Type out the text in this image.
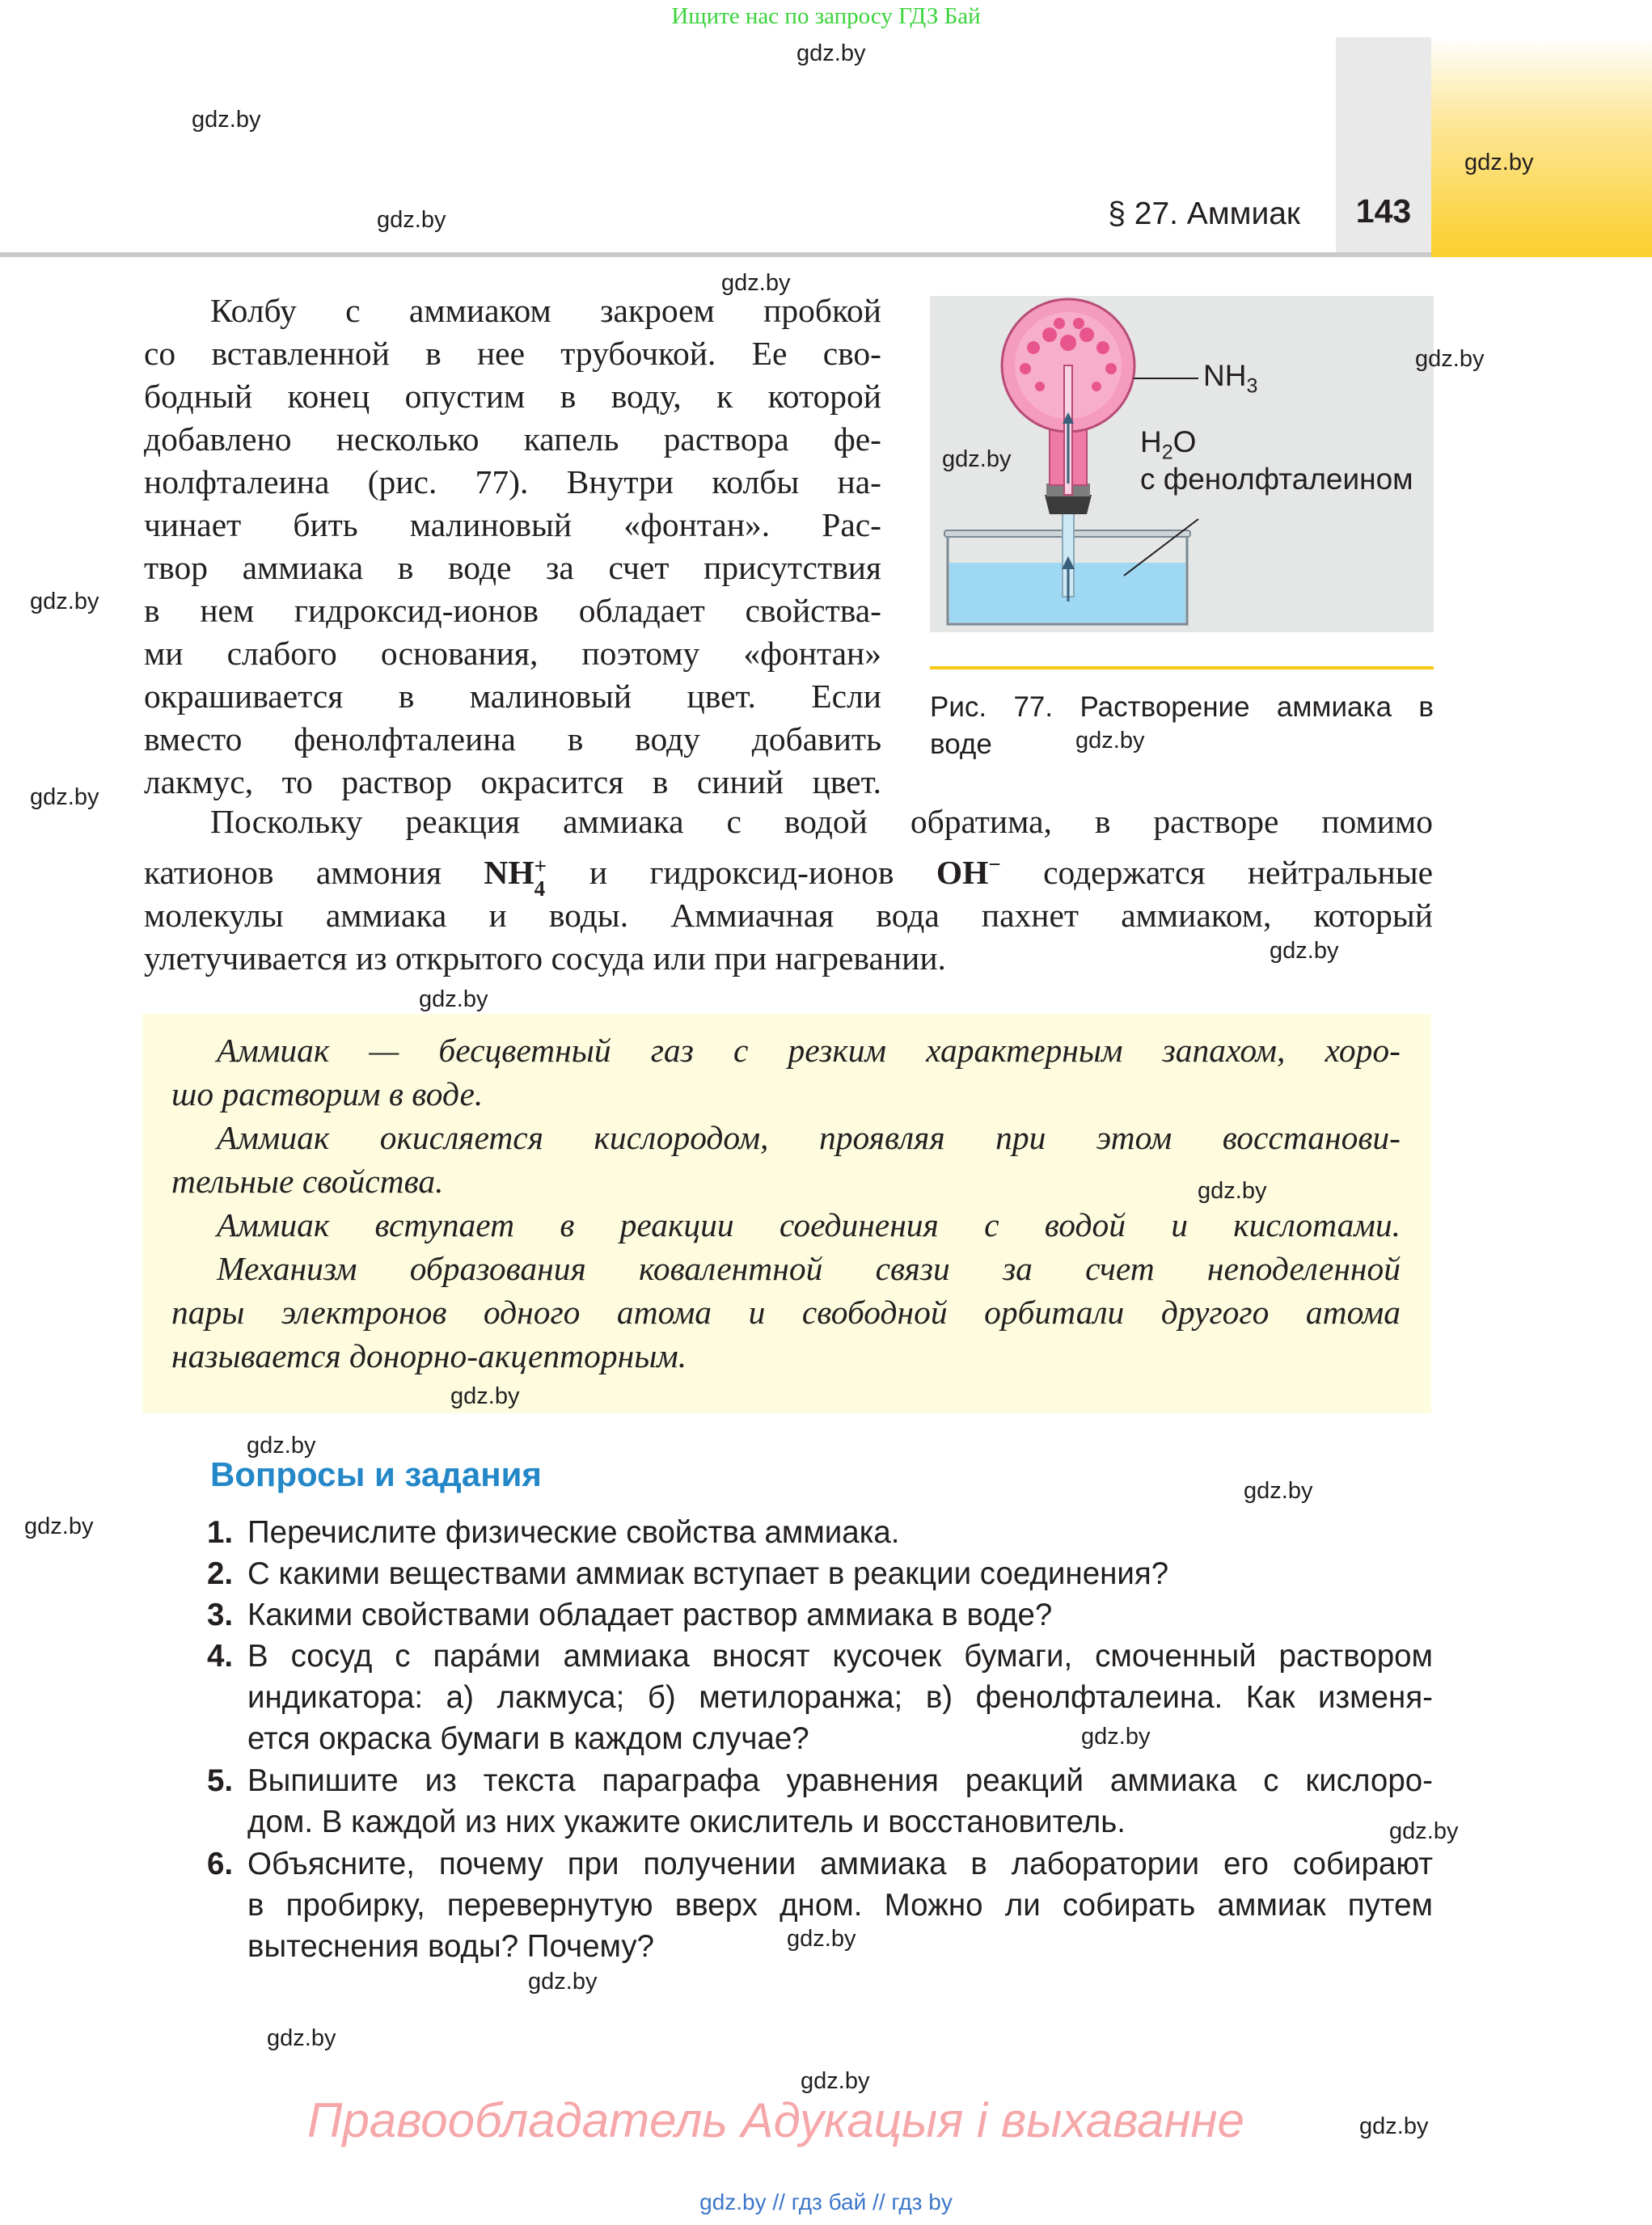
Ищите нас по запросу ГДЗ Бай
§ 27. Аммиак	143
Колбу с аммиаком закроем пробкой
со вставленной в нее трубочкой. Ее сво-
бодный конец опустим в воду, к которой
добавлено несколько капель раствора фе-
нолфталеина (рис. 77). Внутри колбы на-
чинает бить малиновый «фонтан». Рас-
твор аммиака в воде за счет присутствия
в нем гидроксид-ионов обладает свойства-
ми слабого основания, поэтому «фонтан»
окрашивается в малиновый цвет. Если
вместо фенолфталеина в воду добавить
лакмус, то раствор окрасится в синий цвет.
$NH_3$
$H_2O$
с фенолфталеином
Рис. 77. Растворение аммиака в
воде
Поскольку реакция аммиака с водой обратима, в растворе помимо
катионов аммония NH +
4 и гидроксид-ионов OH− содержатся нейтральные
молекулы аммиака и воды. Аммиачная вода пахнет аммиаком, который
улетучивается из открытого сосуда или при нагревании.
Аммиак — бесцветный газ с резким характерным запахом, хоро-
шо растворим в воде.
Аммиак окисляется кислородом, проявляя при этом восстанови-
тельные свойства.
Аммиак вступает в реакции соединения с водой и кислотами.
Механизм образования ковалентной связи за счет неподеленной
пары электронов одного атома и свободной орбитали другого атома
называется донорно-акцепторным.
Вопросы и задания
1. Перечислите физические свойства аммиака.
2. С какими веществами аммиак вступает в реакции соединения?
3. Какими свойствами обладает раствор аммиака в воде?
4. В сосуд с пара́ми аммиака вносят кусочек бумаги, смоченный раствором
индикатора: а) лакмуса; б) метилоранжа; в) фенолфталеина. Как изменя-
ется окраска бумаги в каждом случае?
5. Выпишите из текста параграфа уравнения реакций аммиака с кислоро-
дом. В каждой из них укажите окислитель и восстановитель.
6. Объясните, почему при получении аммиака в лаборатории его собирают
в пробирку, перевернутую вверх дном. Можно ли собирать аммиак путем
вытеснения воды? Почему?
gdz.by
gdz.by
gdz.by
gdz.by
gdz.by
gdz.by
gdz.by
gdz.by
gdz.by
gdz.by
gdz.by
gdz.by
gdz.by
gdz.by
gdz.by
gdz.by
gdz.by
gdz.by
gdz.by
gdz.by
gdz.by
gdz.by
gdz.by
gdz.by
Правообладатель Адукацыя і выхаванне
gdz.by // гдз бай // гдз by
